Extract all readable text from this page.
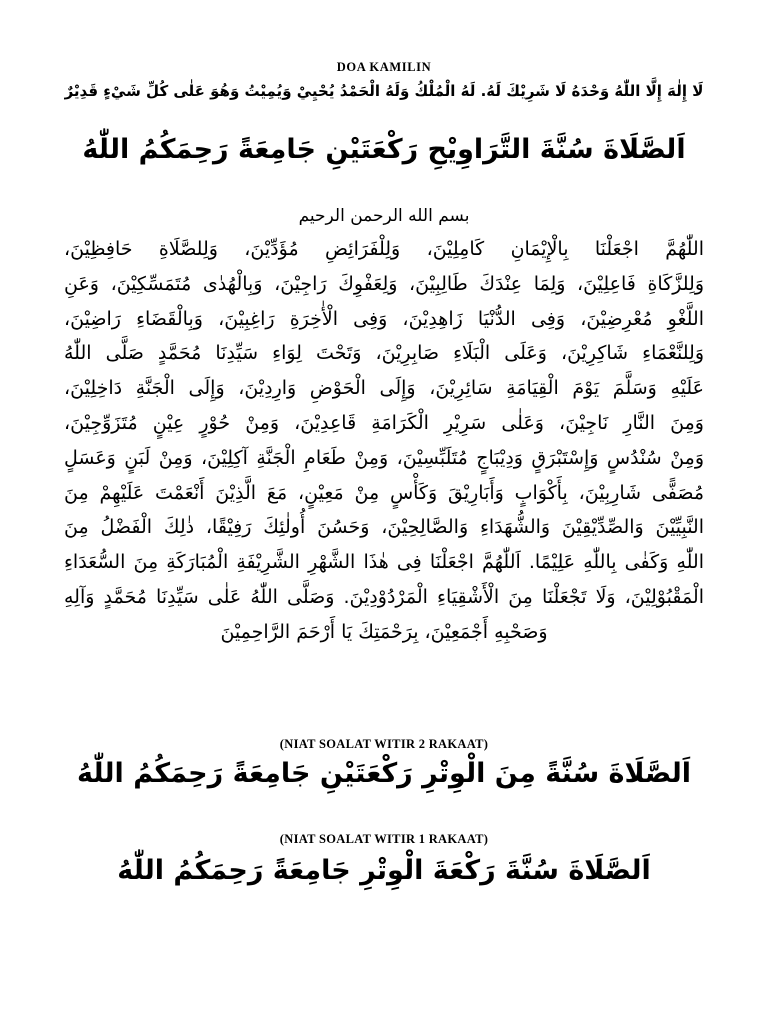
DOA KAMILIN
لَا إِلٰهَ إِلَّا اللّٰهُ وَحْدَهُ لَا شَرِيْكَ لَهُ. لَهُ الْمُلْكُ وَلَهُ الْحَمْدُ يُحْيِيْ وَيُمِيْتُ وَهُوَ عَلٰى كُلِّ شَيْءٍ قَدِيْرٌ
اَلصَّلَاةَ سُنَّةَ التَّرَاوِيْحِ رَكْعَتَيْنِ جَامِعَةً رَحِمَكُمُ اللّٰهُ
بسم الله الرحمن الرحيم
اللّٰهُمَّ اجْعَلْنَا بِالْإِيْمَانِ كَامِلِيْنَ، وَلِلْفَرَائِضِ مُؤَدِّيْنَ، وَلِلصَّلَاةِ حَافِظِيْنَ،
وَلِلزَّكَاةِ فَاعِلِيْنَ، وَلِمَا عِنْدَكَ طَالِبِيْنَ، وَلِعَفْوِكَ رَاجِيْنَ، وَبِالْهُدٰى مُتَمَسِّكِيْنَ، وَعَنِ
اللَّغْوِ مُعْرِضِيْنَ، وَفِى الدُّنْيَا زَاهِدِيْنَ، وَفِى الْأٰخِرَةِ رَاغِبِيْنَ، وَبِالْقَضَاءِ رَاضِيْنَ،
وَلِلنَّعْمَاءِ شَاكِرِيْنَ، وَعَلَى الْبَلَاءِ صَابِرِيْنَ، وَتَحْتَ لِوَاءِ سَيِّدِنَا مُحَمَّدٍ صَلَّى اللّٰهُ
عَلَيْهِ وَسَلَّمَ يَوْمَ الْقِيَامَةِ سَائِرِيْنَ، وَإِلَى الْحَوْضِ وَارِدِيْنَ، وَإِلَى الْجَنَّةِ دَاخِلِيْنَ،
وَمِنَ النَّارِ نَاجِيْنَ، وَعَلٰى سَرِيْرِ الْكَرَامَةِ قَاعِدِيْنَ، وَمِنْ حُوْرٍ عِيْنٍ مُتَزَوِّجِيْنَ،
وَمِنْ سُنْدُسٍ وَإِسْتَبْرَقٍ وَدِيْبَاجٍ مُتَلَبِّسِيْنَ، وَمِنْ طَعَامِ الْجَنَّةِ آكِلِيْنَ، وَمِنْ لَبَنٍ وَعَسَلٍ
مُصَفًّى شَارِبِيْنَ، بِأَكْوَابٍ وَأَبَارِيْقَ وَكَأْسٍ مِنْ مَعِيْنٍ، مَعَ الَّذِيْنَ أَنْعَمْتَ عَلَيْهِمْ مِنَ
النَّبِيِّيْنَ وَالصِّدِّيْقِيْنَ وَالشُّهَدَاءِ وَالصَّالِحِيْنَ، وَحَسُنَ أُولٰئِكَ رَفِيْقًا، ذٰلِكَ الْفَضْلُ مِنَ
اللّٰهِ وَكَفٰى بِاللّٰهِ عَلِيْمًا. اَللّٰهُمَّ اجْعَلْنَا فِى هٰذَا الشَّهْرِ الشَّرِيْفَةِ الْمُبَارَكَةِ مِنَ السُّعَدَاءِ
الْمَقْبُوْلِيْنَ، وَلَا تَجْعَلْنَا مِنَ الْأَشْقِيَاءِ الْمَرْدُوْدِيْنَ. وَصَلَّى اللّٰهُ عَلٰى سَيِّدِنَا مُحَمَّدٍ وَآلِهِ
وَصَحْبِهِ أَجْمَعِيْنَ، بِرَحْمَتِكَ يَا أَرْحَمَ الرَّاحِمِيْنَ
(NIAT SOALAT WITIR 2 RAKAAT)
اَلصَّلَاةَ سُنَّةً مِنَ الْوِتْرِ رَكْعَتَيْنِ جَامِعَةً رَحِمَكُمُ اللّٰهُ
(NIAT SOALAT WITIR 1 RAKAAT)
اَلصَّلَاةَ سُنَّةَ رَكْعَةَ الْوِتْرِ جَامِعَةً رَحِمَكُمُ اللّٰهُ
